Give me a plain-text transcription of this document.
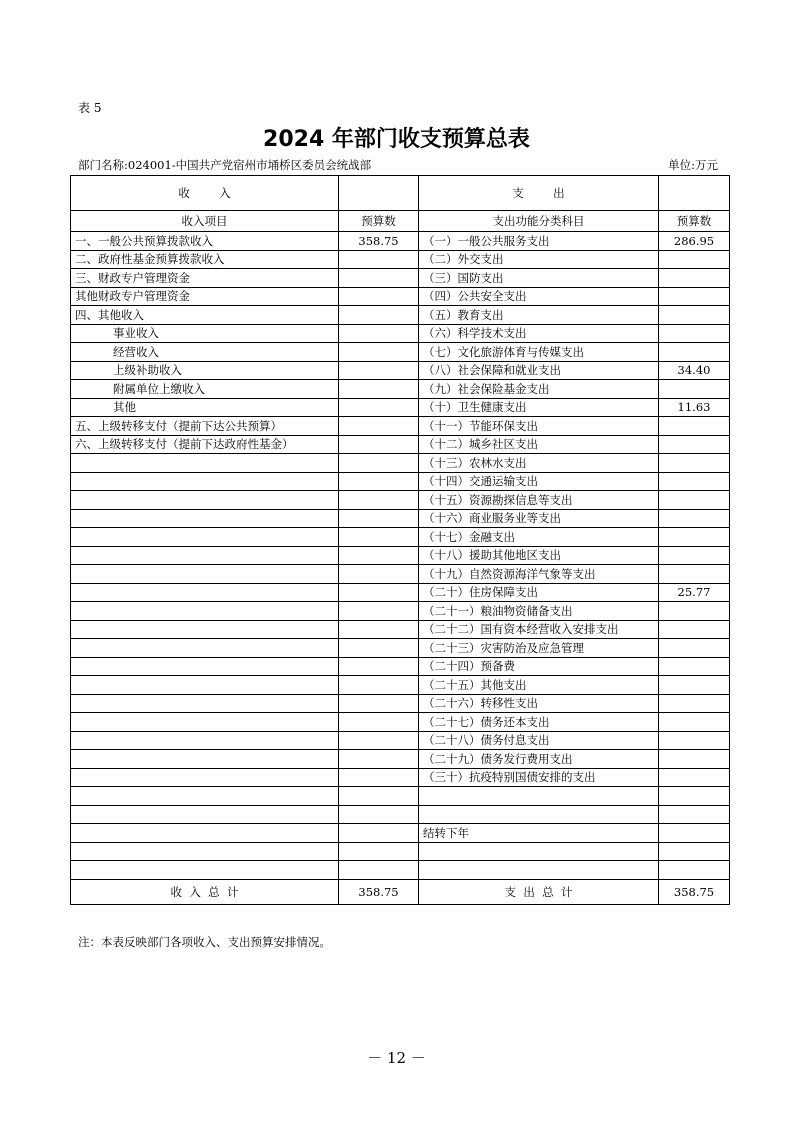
表 5
2024 年部门收支预算总表
部门名称:024001-中国共产党宿州市埇桥区委员会统战部	单位:万元
收        入		支        出	
收入项目	预算数	支出功能分类科目	预算数
一、一般公共预算拨款收入	358.75	（一）一般公共服务支出	286.95
二、政府性基金预算拨款收入		（二）外交支出	
三、财政专户管理资金		（三）国防支出	
其他财政专户管理资金		（四）公共安全支出	
四、其他收入		（五）教育支出	
事业收入		（六）科学技术支出	
经营收入		（七）文化旅游体育与传媒支出	
上级补助收入		（八）社会保障和就业支出	34.40
附属单位上缴收入		（九）社会保险基金支出	
其他		（十）卫生健康支出	11.63
五、上级转移支付（提前下达公共预算）		（十一）节能环保支出	
六、上级转移支付（提前下达政府性基金）		（十二）城乡社区支出	
		（十三）农林水支出	
		（十四）交通运输支出	
		（十五）资源勘探信息等支出	
		（十六）商业服务业等支出	
		（十七）金融支出	
		（十八）援助其他地区支出	
		（十九）自然资源海洋气象等支出	
		（二十）住房保障支出	25.77
		（二十一）粮油物资储备支出	
		（二十二）国有资本经营收入安排支出	
		（二十三）灾害防治及应急管理	
		（二十四）预备费	
		（二十五）其他支出	
		（二十六）转移性支出	
		（二十七）债务还本支出	
		（二十八）债务付息支出	
		（二十九）债务发行费用支出	
		（三十）抗疫特别国债安排的支出	

		结转下年	

收  入  总  计	358.75	支  出  总  计	358.75
注：本表反映部门各项收入、支出预算安排情况。
－ 12 －
